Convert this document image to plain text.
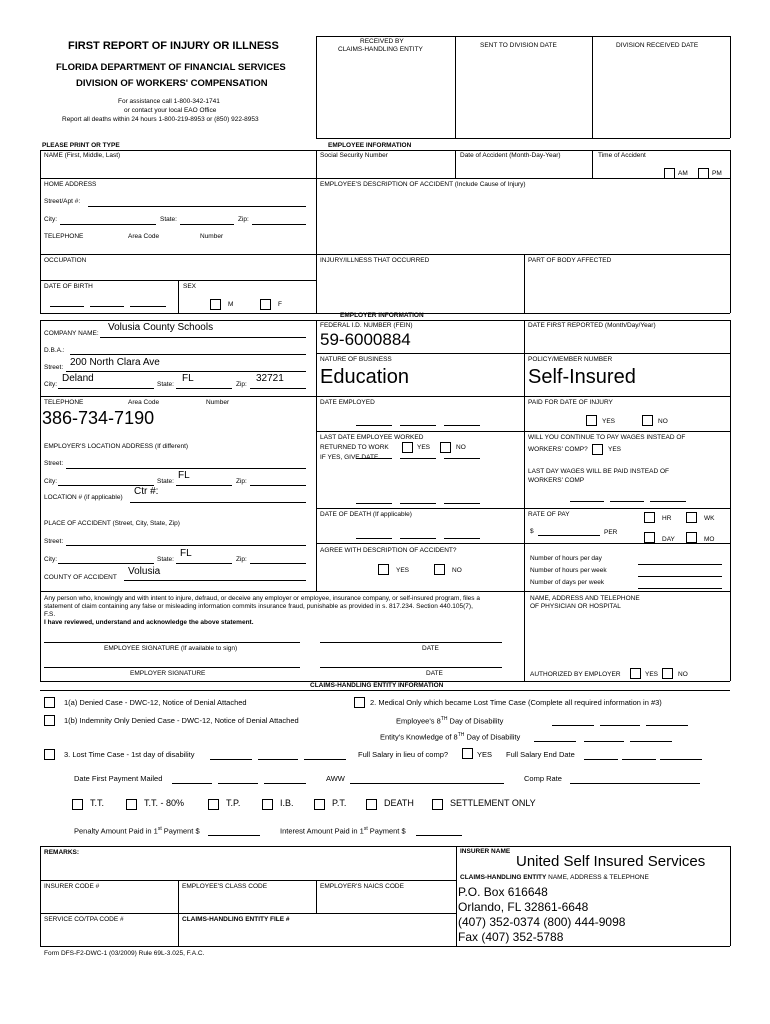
FIRST REPORT OF INJURY OR ILLNESS
FLORIDA DEPARTMENT OF FINANCIAL SERVICES
DIVISION OF WORKERS' COMPENSATION
For assistance call 1-800-342-1741
or contact your local EAO Office
Report all deaths within 24 hours 1-800-219-8953 or (850) 922-8953
RECEIVED BY
CLAIMS-HANDLING ENTITY
SENT TO DIVISION DATE	DIVISION RECEIVED DATE
PLEASE PRINT OR TYPE	EMPLOYEE INFORMATION
NAME (First, Middle, Last)	Social Security Number	Date of Accident (Month-Day-Year)	Time of Accident
AM	PM
HOME ADDRESS	EMPLOYEE'S DESCRIPTION OF ACCIDENT (Include Cause of Injury)
Street/Apt #:
City:	State:	Zip:
TELEPHONE	Area Code	Number
OCCUPATION	INJURY/ILLNESS THAT OCCURRED	PART OF BODY AFFECTED
DATE OF BIRTH	SEX
M	F
EMPLOYER INFORMATION
COMPANY NAME:
Volusia County Schools	FEDERAL I.D. NUMBER (FEIN)
59-6000884
DATE FIRST REPORTED (Month/Day/Year)
D.B.A.:
Street: 200 North Clara Ave	NATURE OF BUSINESS
Education
POLICY/MEMBER NUMBER
Self-Insured
City:
Deland
State:
FL
Zip:
32721
TELEPHONE	Area Code	Number
386-734-7190
DATE EMPLOYED	PAID FOR DATE OF INJURY
YES	NO
EMPLOYER'S LOCATION ADDRESS (If different)
LAST DATE EMPLOYEE WORKED	WILL YOU CONTINUE TO PAY WAGES INSTEAD OF
WORKERS' COMP?	YES
Street:
City:	State:
FL
Zip:
RETURNED TO WORK	YES	NO
IF YES, GIVE DATE
LAST DAY WAGES WILL BE PAID INSTEAD OF
WORKERS' COMP
LOCATION # (if applicable)
Ctr #:
PLACE OF ACCIDENT (Street, City, State, Zip)
DATE OF DEATH (If applicable)	RATE OF PAY
HR	WK
$	PER
DAY	MO
Street:
City:	State:
FL
Zip:
COUNTY OF ACCIDENT
Volusia
AGREE WITH DESCRIPTION OF ACCIDENT?
YES	NO
Number of hours per day
Number of hours per week
Number of days per week
Any person who, knowingly and with intent to injure, defraud, or deceive any employer or employee, insurance company, or self-insured program, files a
statement of claim containing any false or misleading information commits insurance fraud, punishable as provided in s. 817.234. Section 440.105(7),
F.S.
I have reviewed, understand and acknowledge the above statement.
NAME, ADDRESS AND TELEPHONE
OF PHYSICIAN OR HOSPITAL
EMPLOYEE SIGNATURE (If available to sign)	DATE
EMPLOYER SIGNATURE	DATE	AUTHORIZED BY EMPLOYER	YES	NO
CLAIMS-HANDLING ENTITY INFORMATION
1(a) Denied Case - DWC-12, Notice of Denial Attached	2. Medical Only which became Lost Time Case (Complete all required information in #3)
1(b) Indemnity Only Denied Case - DWC-12, Notice of Denial Attached	Employee's 8TH Day of Disability
Entity's Knowledge of 8TH Day of Disability
3. Lost Time Case - 1st day of disability	Full Salary in lieu of comp?	YES Full Salary End Date
Date First Payment Mailed	AWW	Comp Rate
T.T.	T.T. - 80%	T.P.	I.B.	P.T.	DEATH	SETTLEMENT ONLY
Penalty Amount Paid in 1st Payment $	Interest Amount Paid in 1st Payment $
REMARKS:	INSURER NAME
United Self Insured Services
CLAIMS-HANDLING ENTITY NAME, ADDRESS & TELEPHONE
P.O. Box 616648
Orlando, FL 32861-6648
(407) 352-0374 (800) 444-9098
Fax (407) 352-5788
INSURER CODE #	EMPLOYEE'S CLASS CODE	EMPLOYER'S NAICS CODE
SERVICE CO/TPA CODE #	CLAIMS-HANDLING ENTITY FILE #
Form DFS-F2-DWC-1 (03/2009) Rule 69L-3.025, F.A.C.
